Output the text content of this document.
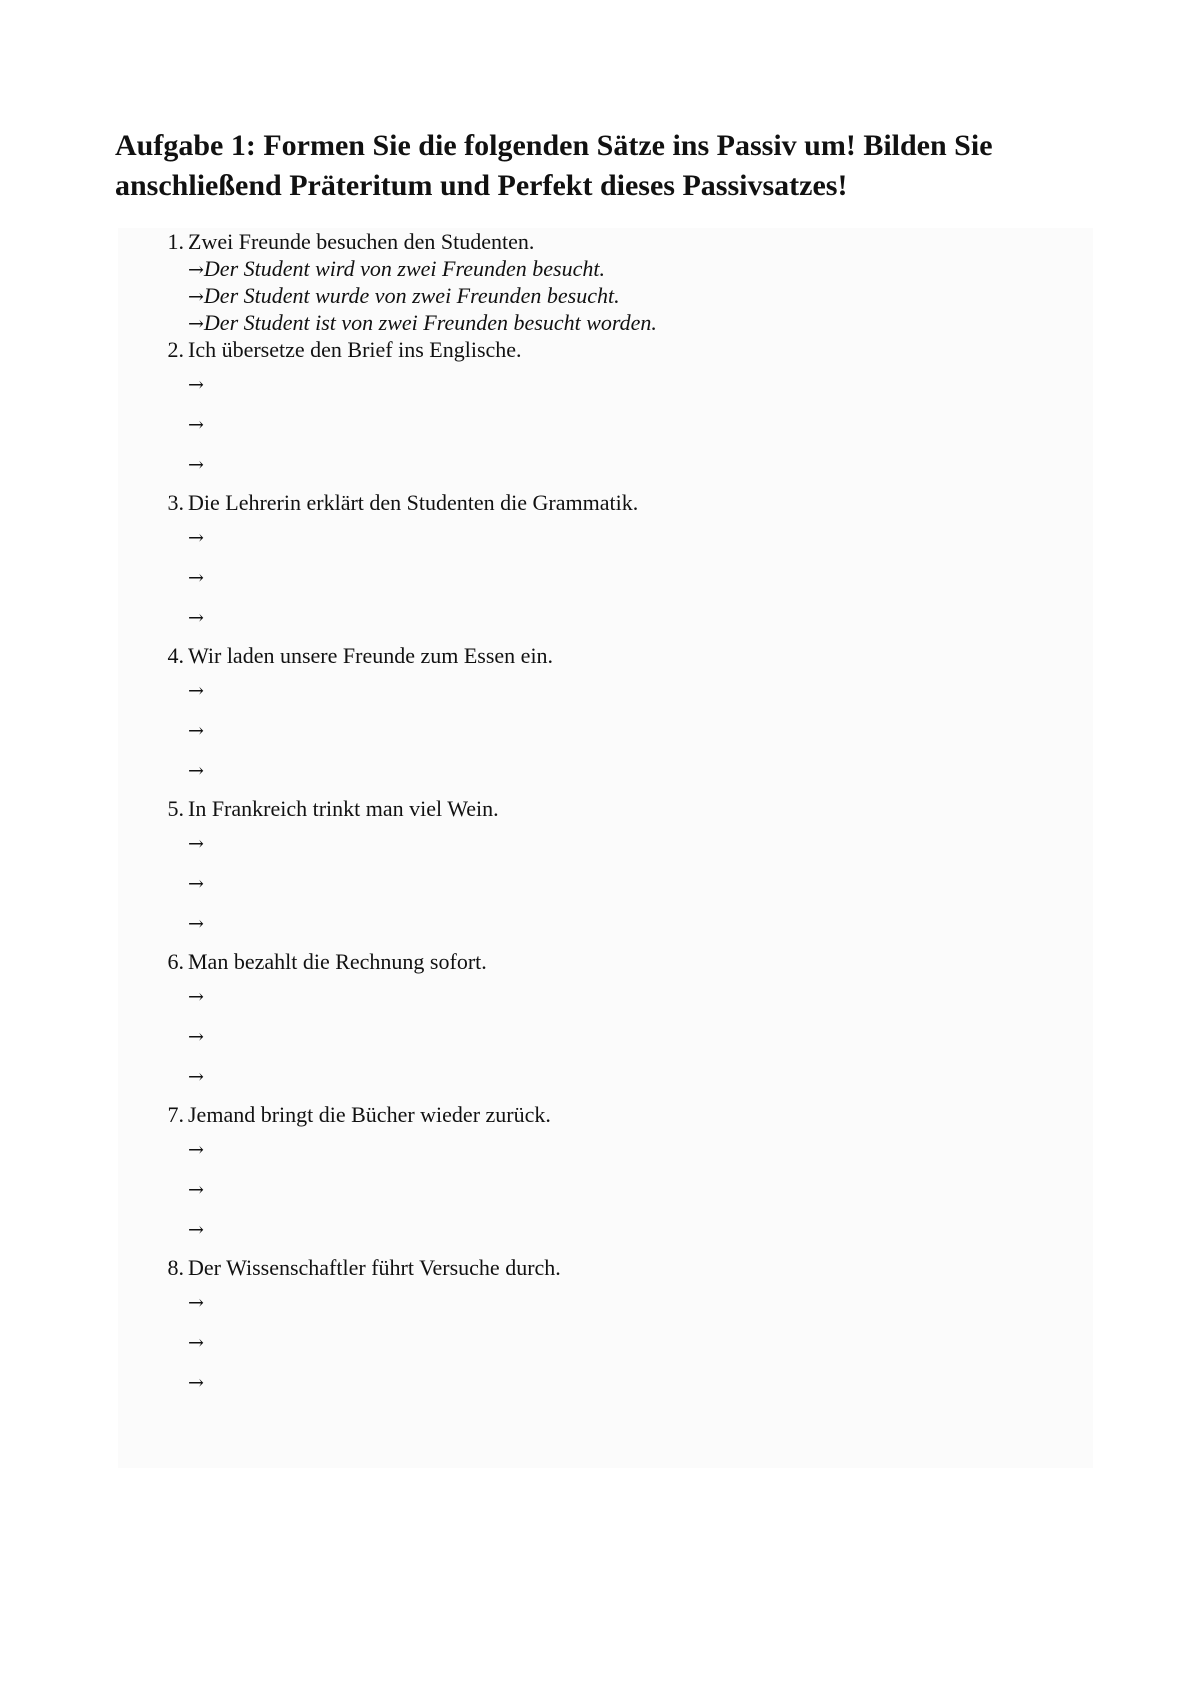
Aufgabe 1: Formen Sie die folgenden Sätze ins Passiv um! Bilden Sie anschließend Präteritum und Perfekt dieses Passivsatzes!
1. Zwei Freunde besuchen den Studenten.
→Der Student wird von zwei Freunden besucht.
→Der Student wurde von zwei Freunden besucht.
→Der Student ist von zwei Freunden besucht worden.
2. Ich übersetze den Brief ins Englische.
→
→
→
3. Die Lehrerin erklärt den Studenten die Grammatik.
→
→
→
4. Wir laden unsere Freunde zum Essen ein.
→
→
→
5. In Frankreich trinkt man viel Wein.
→
→
→
6. Man bezahlt die Rechnung sofort.
→
→
→
7. Jemand bringt die Bücher wieder zurück.
→
→
→
8. Der Wissenschaftler führt Versuche durch.
→
→
→
